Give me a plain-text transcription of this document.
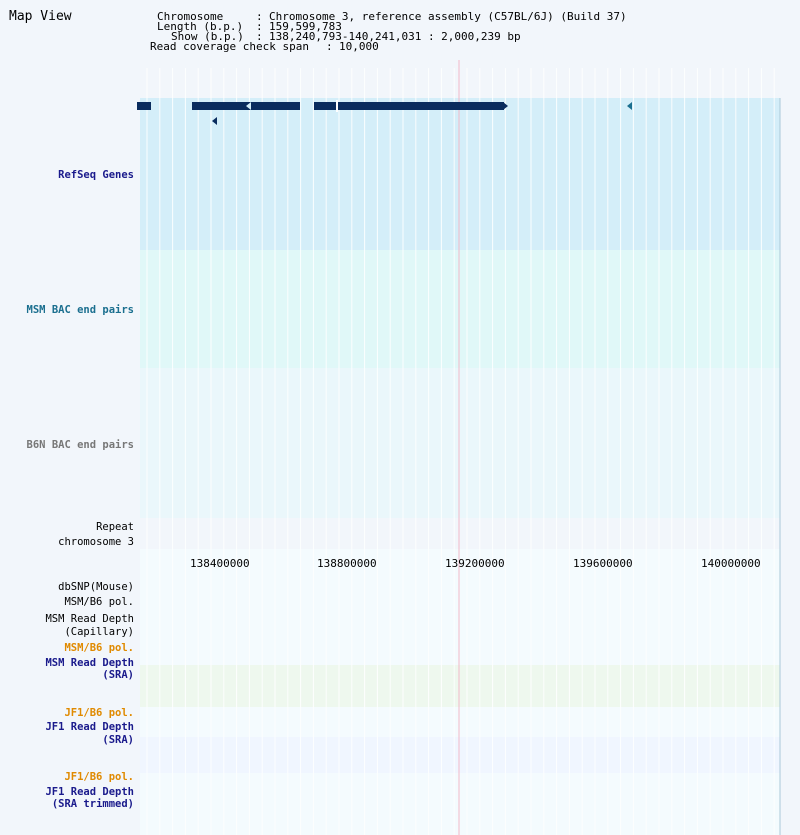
Map View	Chromosome	: Chromosome 3, reference assembly (C57BL/6J) (Build 37)
Length (b.p.) : 159,599,783
Show (b.p.) : 138,240,793-140,241,031 : 2,000,239 bp
Read coverage check span : 10,000
RefSeq Genes
MSM BAC end pairs
B6N BAC end pairs
Repeat
chromosome 3
dbSNP(Mouse)
MSM/B6 pol.
MSM Read Depth
(Capillary)
MSM/B6 pol.
MSM Read Depth
(SRA)
JF1/B6 pol.
JF1 Read Depth
(SRA)
JF1/B6 pol.
JF1 Read Depth
(SRA trimmed)
138400000	138800000	139200000	139600000	140000000
